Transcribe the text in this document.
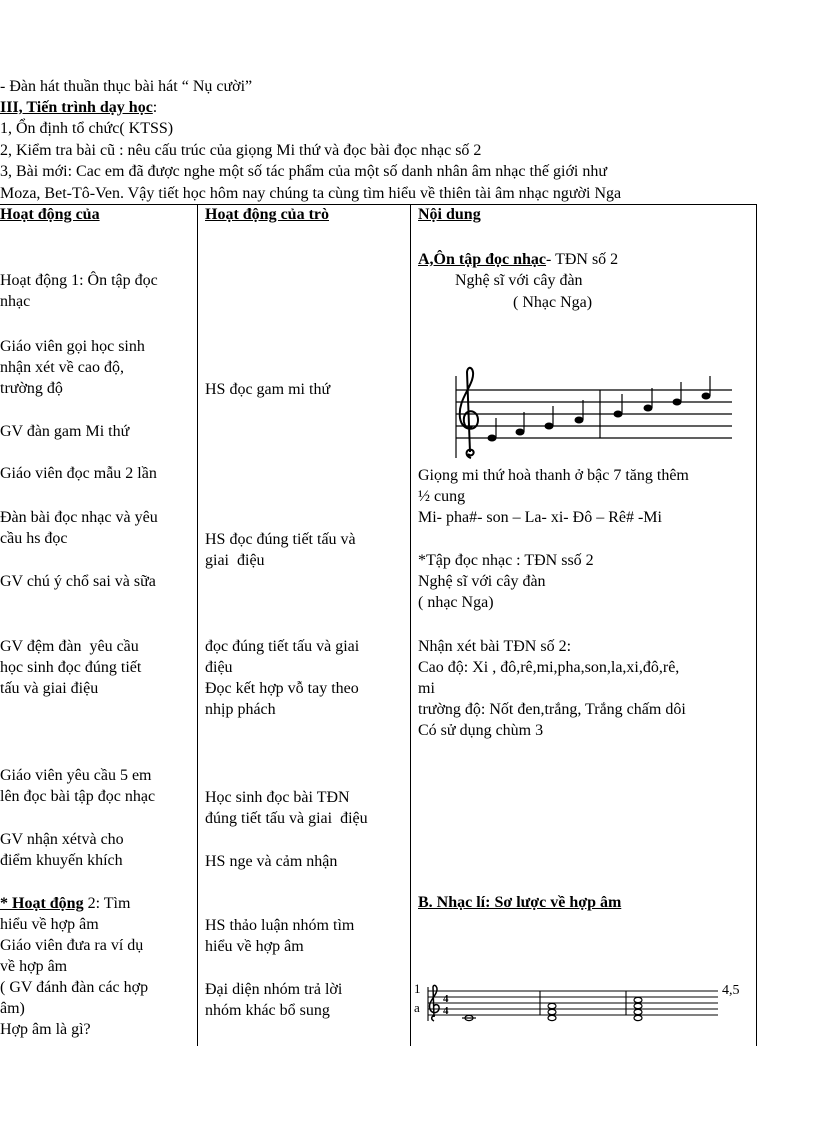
- Đàn hát thuần thục bài hát “ Nụ cười”
III, Tiến trình dạy học:
1, Ổn định tổ chức( KTSS)
2, Kiểm tra bài cũ : nêu cấu trúc của giọng Mi thứ và đọc bài đọc nhạc số 2
3, Bài mới: Cac em đã được nghe một số tác phẩm của một số danh nhân âm nhạc thế giới như
Moza, Bet-Tô-Ven. Vậy tiết học hôm nay chúng ta cùng tìm hiểu về thiên tài âm nhạc người Nga
Hoạt động của	Hoạt động của trò	Nội dung
Hoạt động 1: Ôn tập đọc
nhạc
Giáo viên gọi học sinh
nhận xét về cao độ,
trường độ
GV đàn gam Mi thứ
Giáo viên đọc mẫu 2 lần
Đàn bài đọc nhạc và yêu
cầu hs đọc
GV chú ý chổ sai và sữa
GV đệm đàn  yêu cầu
học sinh đọc đúng tiết
tấu và giai điệu
Giáo viên yêu cầu 5 em
lên đọc bài tập đọc nhạc
GV nhận xétvà cho
điểm khuyến khích
* Hoạt động 2: Tìm
hiểu về hợp âm
Giáo viên đưa ra ví dụ
về hợp âm
( GV đánh đàn các hợp
âm)
Hợp âm là gì?
HS đọc gam mi thứ
HS đọc đúng tiết tấu và
giai  điệu
đọc đúng tiết tấu và giai
điệu
Đọc kết hợp vỗ tay theo
nhịp phách
Học sinh đọc bài TĐN
đúng tiết tấu và giai  điệu
HS nge và cảm nhận
HS thảo luận nhóm tìm
hiểu về hợp âm
Đại diện nhóm trả lời
nhóm khác bổ sung
A,Ôn tập đọc nhạc- TĐN số 2
Nghệ sĩ với cây đàn
( Nhạc Nga)
Giọng mi thứ hoà thanh ở bậc 7 tăng thêm
½ cung
Mi- pha#- son – La- xi- Đô – Rê# -Mi
*Tập đọc nhạc : TĐN ssố 2
Nghệ sĩ với cây đàn
( nhạc Nga)
Nhận xét bài TĐN số 2:
Cao độ: Xi , đô,rê,mi,pha,son,la,xi,đô,rê,
mi
trường độ: Nốt đen,trắng, Trắng chấm dôi
Có sử dụng chùm 3
B. Nhạc lí: Sơ lược về hợp âm
1
a
4,5
4
4
